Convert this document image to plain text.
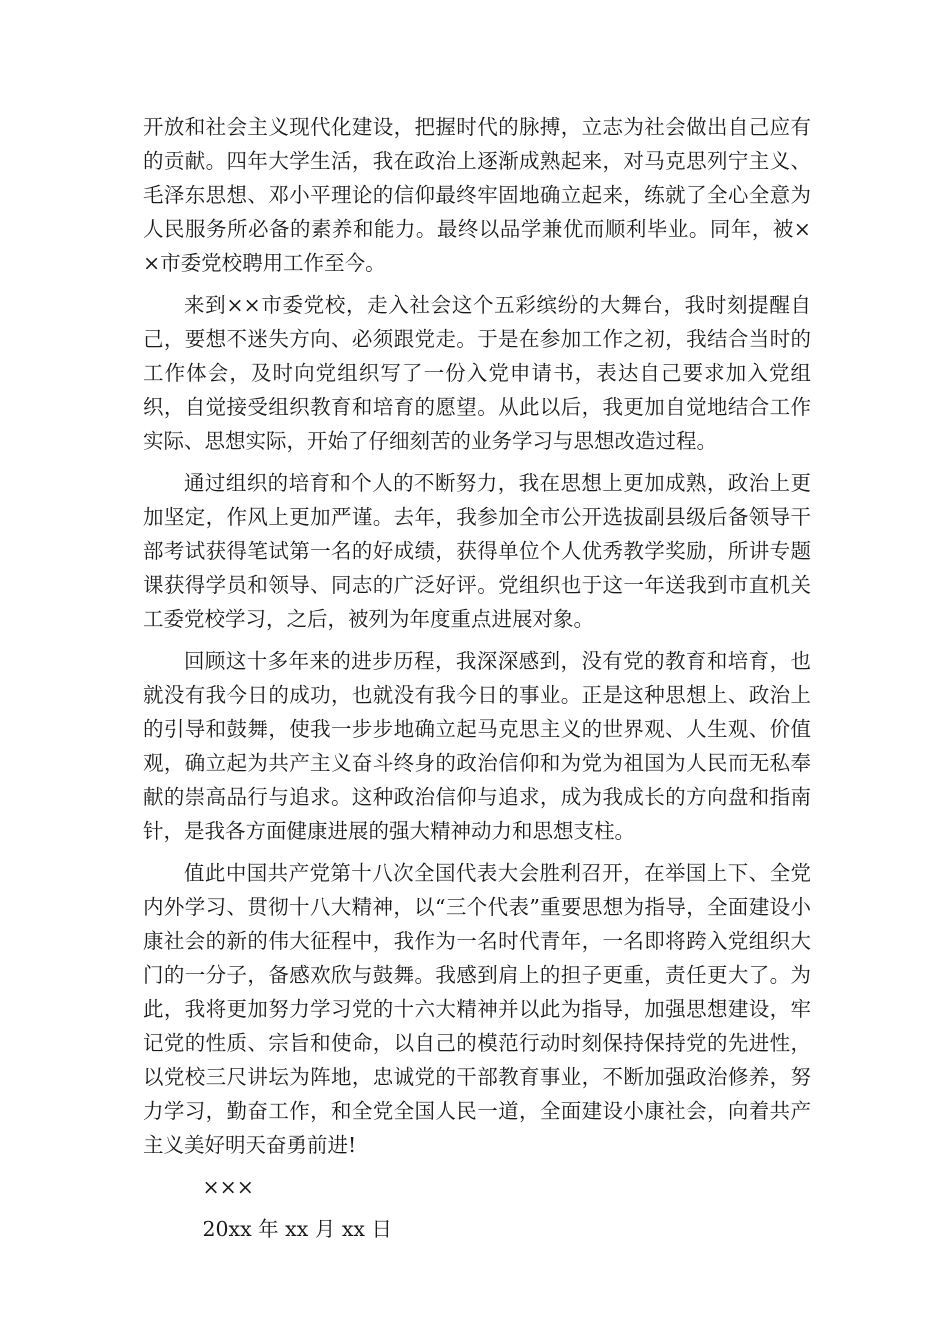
开放和社会主义现代化建设，把握时代的脉搏，立志为社会做出自己应有的贡献。四年大学生活，我在政治上逐渐成熟起来，对马克思列宁主义、毛泽东思想、邓小平理论的信仰最终牢固地确立起来，练就了全心全意为人民服务所必备的素养和能力。最终以品学兼优而顺利毕业。同年，被××市委党校聘用工作至今。

来到××市委党校，走入社会这个五彩缤纷的大舞台，我时刻提醒自己，要想不迷失方向、必须跟党走。于是在参加工作之初，我结合当时的工作体会，及时向党组织写了一份入党申请书，表达自己要求加入党组织，自觉接受组织教育和培育的愿望。从此以后，我更加自觉地结合工作实际、思想实际，开始了仔细刻苦的业务学习与思想改造过程。

通过组织的培育和个人的不断努力，我在思想上更加成熟，政治上更加坚定，作风上更加严谨。去年，我参加全市公开选拔副县级后备领导干部考试获得笔试第一名的好成绩，获得单位个人优秀教学奖励，所讲专题课获得学员和领导、同志的广泛好评。党组织也于这一年送我到市直机关工委党校学习，之后，被列为年度重点进展对象。

回顾这十多年来的进步历程，我深深感到，没有党的教育和培育，也就没有我今日的成功，也就没有我今日的事业。正是这种思想上、政治上的引导和鼓舞，使我一步步地确立起马克思主义的世界观、人生观、价值观，确立起为共产主义奋斗终身的政治信仰和为党为祖国为人民而无私奉献的崇高品行与追求。这种政治信仰与追求，成为我成长的方向盘和指南针，是我各方面健康进展的强大精神动力和思想支柱。

值此中国共产党第十八次全国代表大会胜利召开，在举国上下、全党内外学习、贯彻十八大精神，以“三个代表”重要思想为指导，全面建设小康社会的新的伟大征程中，我作为一名时代青年，一名即将跨入党组织大门的一分子，备感欢欣与鼓舞。我感到肩上的担子更重，责任更大了。为此，我将更加努力学习党的十六大精神并以此为指导，加强思想建设，牢记党的性质、宗旨和使命，以自己的模范行动时刻保持保持党的先进性，以党校三尺讲坛为阵地，忠诚党的干部教育事业，不断加强政治修养，努力学习，勤奋工作，和全党全国人民一道，全面建设小康社会，向着共产主义美好明天奋勇前进!

×××
20xx 年 xx 月 xx 日
